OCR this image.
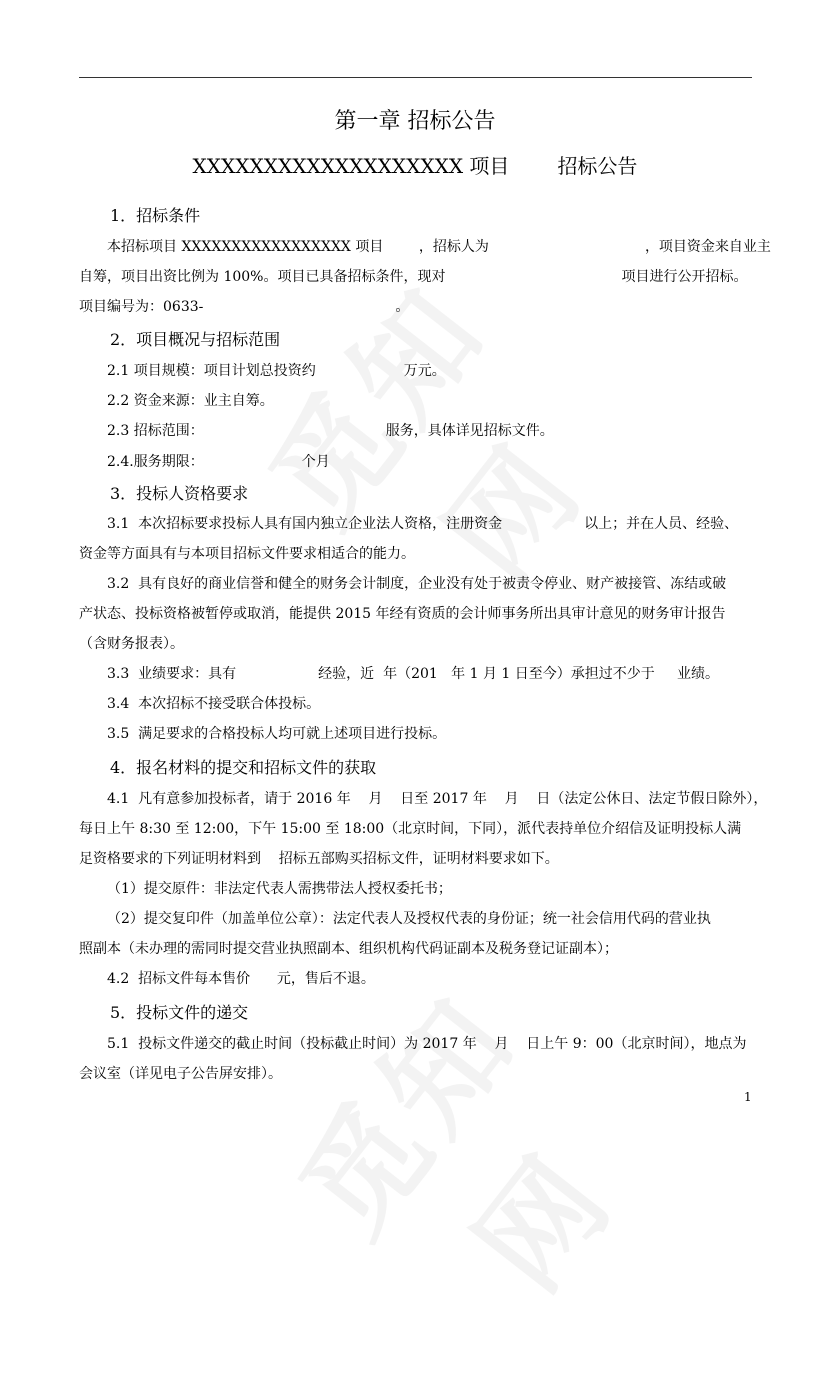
第一章 招标公告
XXXXXXXXXXXXXXXXXXX 项目 招标公告
1．招标条件
本招标项目 XXXXXXXXXXXXXXXXX 项目        ，招标人为	，项目资金来自业主
自筹，项目出资比例为 100%。项目已具备招标条件，现对	项目进行公开招标。
项目编号为：0633-	。
2．项目概况与招标范围
2.1 项目规模：项目计划总投资约	万元。
2.2 资金来源：业主自筹。
2.3 招标范围：	服务，具体详见招标文件。
2.4.服务期限：	个月
3．投标人资格要求
3.1  本次招标要求投标人具有国内独立企业法人资格，注册资金	以上；并在人员、经验、
资金等方面具有与本项目招标文件要求相适合的能力。
3.2  具有良好的商业信誉和健全的财务会计制度，企业没有处于被责令停业、财产被接管、冻结或破
产状态、投标资格被暂停或取消，能提供 2015 年经有资质的会计师事务所出具审计意见的财务审计报告
（含财务报表）。
3.3  业绩要求：具有	经验，近  年（201   年 1 月 1 日至今）承担过不少于     业绩。
3.4  本次招标不接受联合体投标。
3.5  满足要求的合格投标人均可就上述项目进行投标。
4．报名材料的提交和招标文件的获取
4.1  凡有意参加投标者，请于 2016 年    月    日至 2017 年    月    日（法定公休日、法定节假日除外），
每日上午 8:30 至 12:00，下午 15:00 至 18:00（北京时间，下同），派代表持单位介绍信及证明投标人满
足资格要求的下列证明材料到    招标五部购买招标文件，证明材料要求如下。
（1）提交原件：非法定代表人需携带法人授权委托书；
（2）提交复印件（加盖单位公章）：法定代表人及授权代表的身份证；统一社会信用代码的营业执
照副本（未办理的需同时提交营业执照副本、组织机构代码证副本及税务登记证副本）；
4.2  招标文件每本售价      元，售后不退。
5．投标文件的递交
5.1  投标文件递交的截止时间（投标截止时间）为 2017 年    月    日上午 9：00（北京时间），地点为
会议室（详见电子公告屏安排）。
1
